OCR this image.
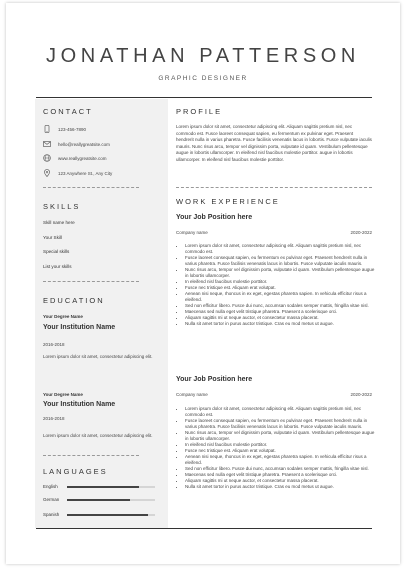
JONATHAN PATTERSON
GRAPHIC DESIGNER
CONTACT
123-456-7890
hello@reallygreatsite.com
www.reallygreatsite.com
123 Anywhere St., Any City
SKILLS
Skill name here
Your Skill
Special skills
List your skills
EDUCATION
Your Degree Name
Your Institution Name
2016-2018
Lorem ipsum dolor sit amet, consectetur adipiscing elit.
Your Degree Name
Your Institution Name
2016-2018
Lorem ipsum dolor sit amet, consectetur adipiscing elit.
LANGUAGES
English
German
Spanish
PROFILE
Lorem ipsum dolor sit amet, consectetur adipiscing elit. Aliquam sagittis pretium nisl, nec commodo est. Fusce laoreet consequat sapien, eu fermentum ex pulvinar eget. Praesent hendrerit nulla in varius pharetra. Fusce facilisis venenatis lacus in lobortis. Fusce vulputate iaculis mauris. Nunc risus arcu, tempor vel dignissim porta, vulputate id quam. Vestibulum pellentesque augue in lobortis ullamcorper. In eleifend nisl faucibus molestie porttitor. augue in lobortis ullamcorper. In eleifend nisl faucibus molestie porttitor.
WORK EXPERIENCE
Your Job Position here
Company name	2020-2022
• Lorem ipsum dolor sit amet, consectetur adipiscing elit. Aliquam sagittis pretium nisl, nec commodo est.
• Fusce laoreet consequat sapien, eu fermentum ex pulvinar eget. Praesent hendrerit nulla in varius pharetra. Fusce facilisis venenatis lacus in lobortis. Fusce vulputate iaculis mauris.
• Nunc risus arcu, tempor vel dignissim porta, vulputate id quam. Vestibulum pellentesque augue in lobortis ullamcorper.
• In eleifend nisl faucibus molestie porttitor.
• Fusce nec tristique est. Aliquam erat volutpat.
• Aenean nisi neque, rhoncus in ex eget, egestas pharetra sapien. In vehicula efficitur risus a eleifend.
• Sed non efficitur libero. Fusce dui nunc, accumsan sodales semper mattis, fringilla vitae nisl.
• Maecenas sed nulla eget velit tristique pharetra. Praesent a scelerisque orci.
• Aliquam sagittis mi ut neque auctor, et consectetur massa placerat.
• Nulla sit amet tortor in purus auctor tristique. Cras eu mod metus ut augue.
Your Job Position here
Company name	2020-2022
• Lorem ipsum dolor sit amet, consectetur adipiscing elit. Aliquam sagittis pretium nisl, nec commodo est.
• Fusce laoreet consequat sapien, eu fermentum ex pulvinar eget. Praesent hendrerit nulla in varius pharetra. Fusce facilisis venenatis lacus in lobortis. Fusce vulputate iaculis mauris.
• Nunc risus arcu, tempor vel dignissim porta, vulputate id quam. Vestibulum pellentesque augue in lobortis ullamcorper.
• In eleifend nisl faucibus molestie porttitor.
• Fusce nec tristique est. Aliquam erat volutpat.
• Aenean nisi neque, rhoncus in ex eget, egestas pharetra sapien. In vehicula efficitur risus a eleifend.
• Sed non efficitur libero. Fusce dui nunc, accumsan sodales semper mattis, fringilla vitae nisl.
• Maecenas sed nulla eget velit tristique pharetra. Praesent a scelerisque orci.
• Aliquam sagittis mi ut neque auctor, et consectetur massa placerat.
• Nulla sit amet tortor in purus auctor tristique. Cras eu mod metus ut augue.
